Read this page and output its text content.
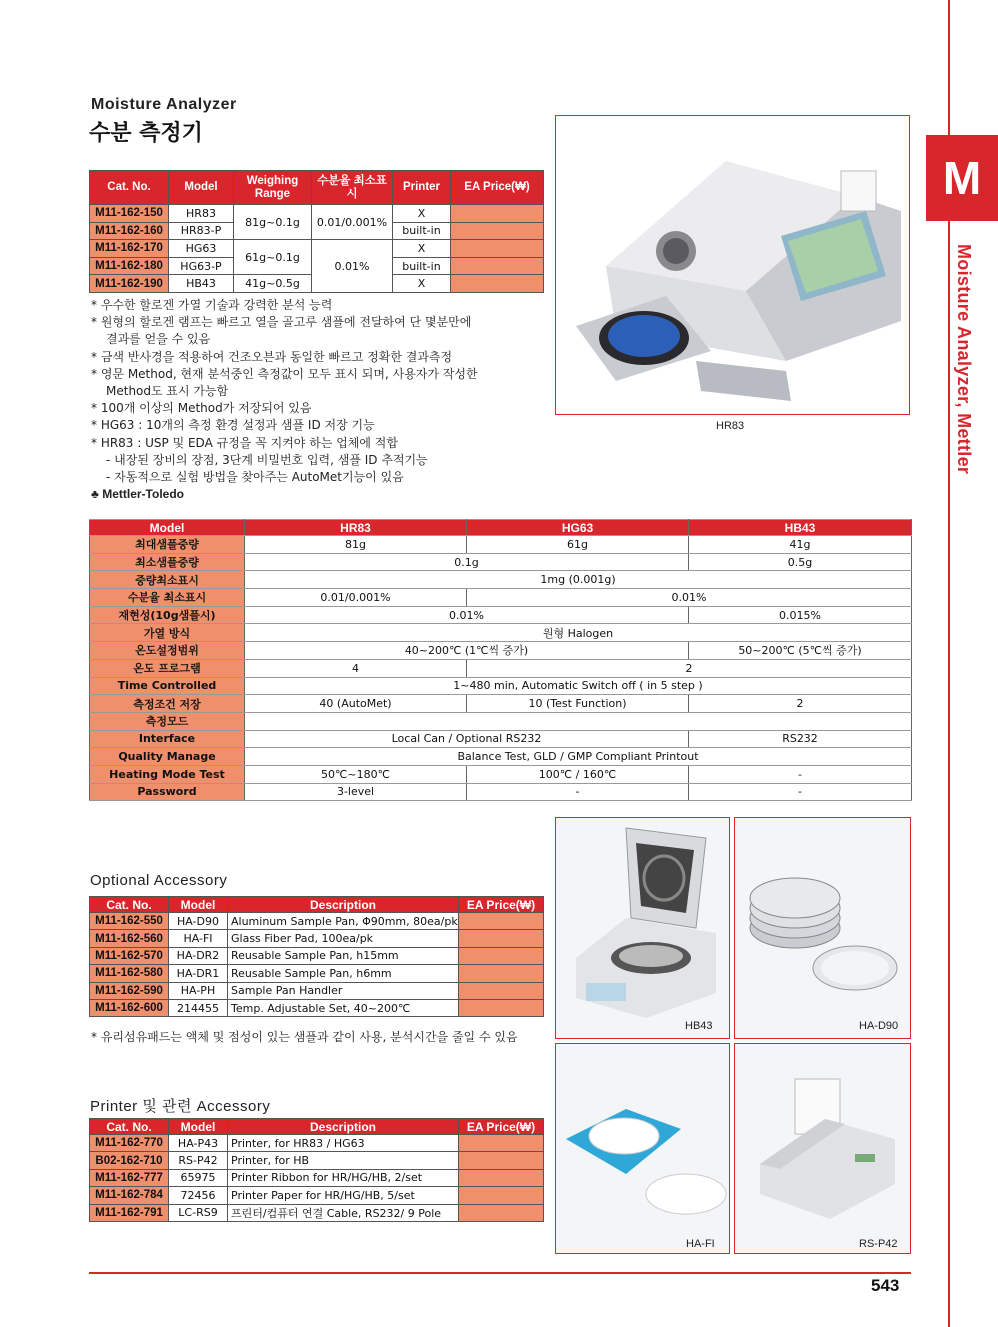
M
Moisture Analyzer, Mettler
Moisture Analyzer
수분 측정기
Cat. No.	Model	Weighing Range	수분율 최소표시	Printer	EA Price(₩)
M11-162-150	HR83	81g~0.1g	0.01/0.001%	X	
M11-162-160	HR83-P			built-in	
M11-162-170	HG63	61g~0.1g	0.01%	X	
M11-162-180	HG63-P			built-in	
M11-162-190	HB43	41g~0.5g		X	
* 우수한 할로겐 가열 기술과 강력한 분석 능력
* 원형의 할로겐 램프는 빠르고 열을 골고루 샘플에 전달하여 단 몇분만에
결과를 얻을 수 있음
* 금색 반사경을 적용하여 건조오븐과 동일한 빠르고 정확한 결과측정
* 영문 Method, 현재 분석중인 측정값이 모두 표시 되며, 사용자가 작성한
Method도 표시 가능함
* 100개 이상의 Method가 저장되어 있음
* HG63 : 10개의 측정 환경 설정과 샘플 ID 저장 기능
* HR83 : USP 및 EDA 규정을 꼭 지켜야 하는 업체에 적합
- 내장된 장비의 장점, 3단계 비밀번호 입력, 샘플 ID 추적기능
- 자동적으로 실험 방법을 찾아주는 AutoMet기능이 있음
♣ Mettler-Toledo
HR83
Model	HR83	HG63	HB43
최대샘플중량	81g	61g	41g
최소샘플중량	0.1g		0.5g
중량최소표시	1mg (0.001g)		
수분율 최소표시	0.01/0.001%	0.01%	
재현성(10g샘플시)	0.01%		0.015%
가열 방식	원형 Halogen		
온도설정범위	40~200℃ (1℃씩 증가)		50~200℃ (5℃씩 증가)
온도 프로그램	4	2	
Time Controlled	1~480 min, Automatic Switch off ( in 5 step )		
측정조건 저장	40 (AutoMet)	10 (Test Function)	2
측정모드			
Interface	Local Can / Optional RS232		RS232
Quality Manage	Balance Test, GLD / GMP Compliant Printout		
Heating Mode Test	50℃~180℃	100℃ / 160℃	-
Password	3-level	-	-
Optional Accessory
Cat. No.	Model	Description	EA Price(₩)
M11-162-550	HA-D90	Aluminum Sample Pan, Φ90mm, 80ea/pk	
M11-162-560	HA-FI	Glass Fiber Pad, 100ea/pk	
M11-162-570	HA-DR2	Reusable Sample Pan, h15mm	
M11-162-580	HA-DR1	Reusable Sample Pan, h6mm	
M11-162-590	HA-PH	Sample Pan Handler	
M11-162-600	214455	Temp. Adjustable Set, 40~200℃	
* 유리섬유패드는 액체 및 점성이 있는 샘플과 같이 사용, 분석시간을 줄일 수 있음
Printer 및 관련 Accessory
Cat. No.	Model	Description	EA Price(₩)
M11-162-770	HA-P43	Printer, for HR83 / HG63	
B02-162-710	RS-P42	Printer, for HB	
M11-162-777	65975	Printer Ribbon for HR/HG/HB, 2/set	
M11-162-784	72456	Printer Paper for HR/HG/HB, 5/set	
M11-162-791	LC-RS9	프린터/컴퓨터 연결 Cable, RS232/ 9 Pole	
HB43	HA-D90
HA-FI	RS-P42
543
